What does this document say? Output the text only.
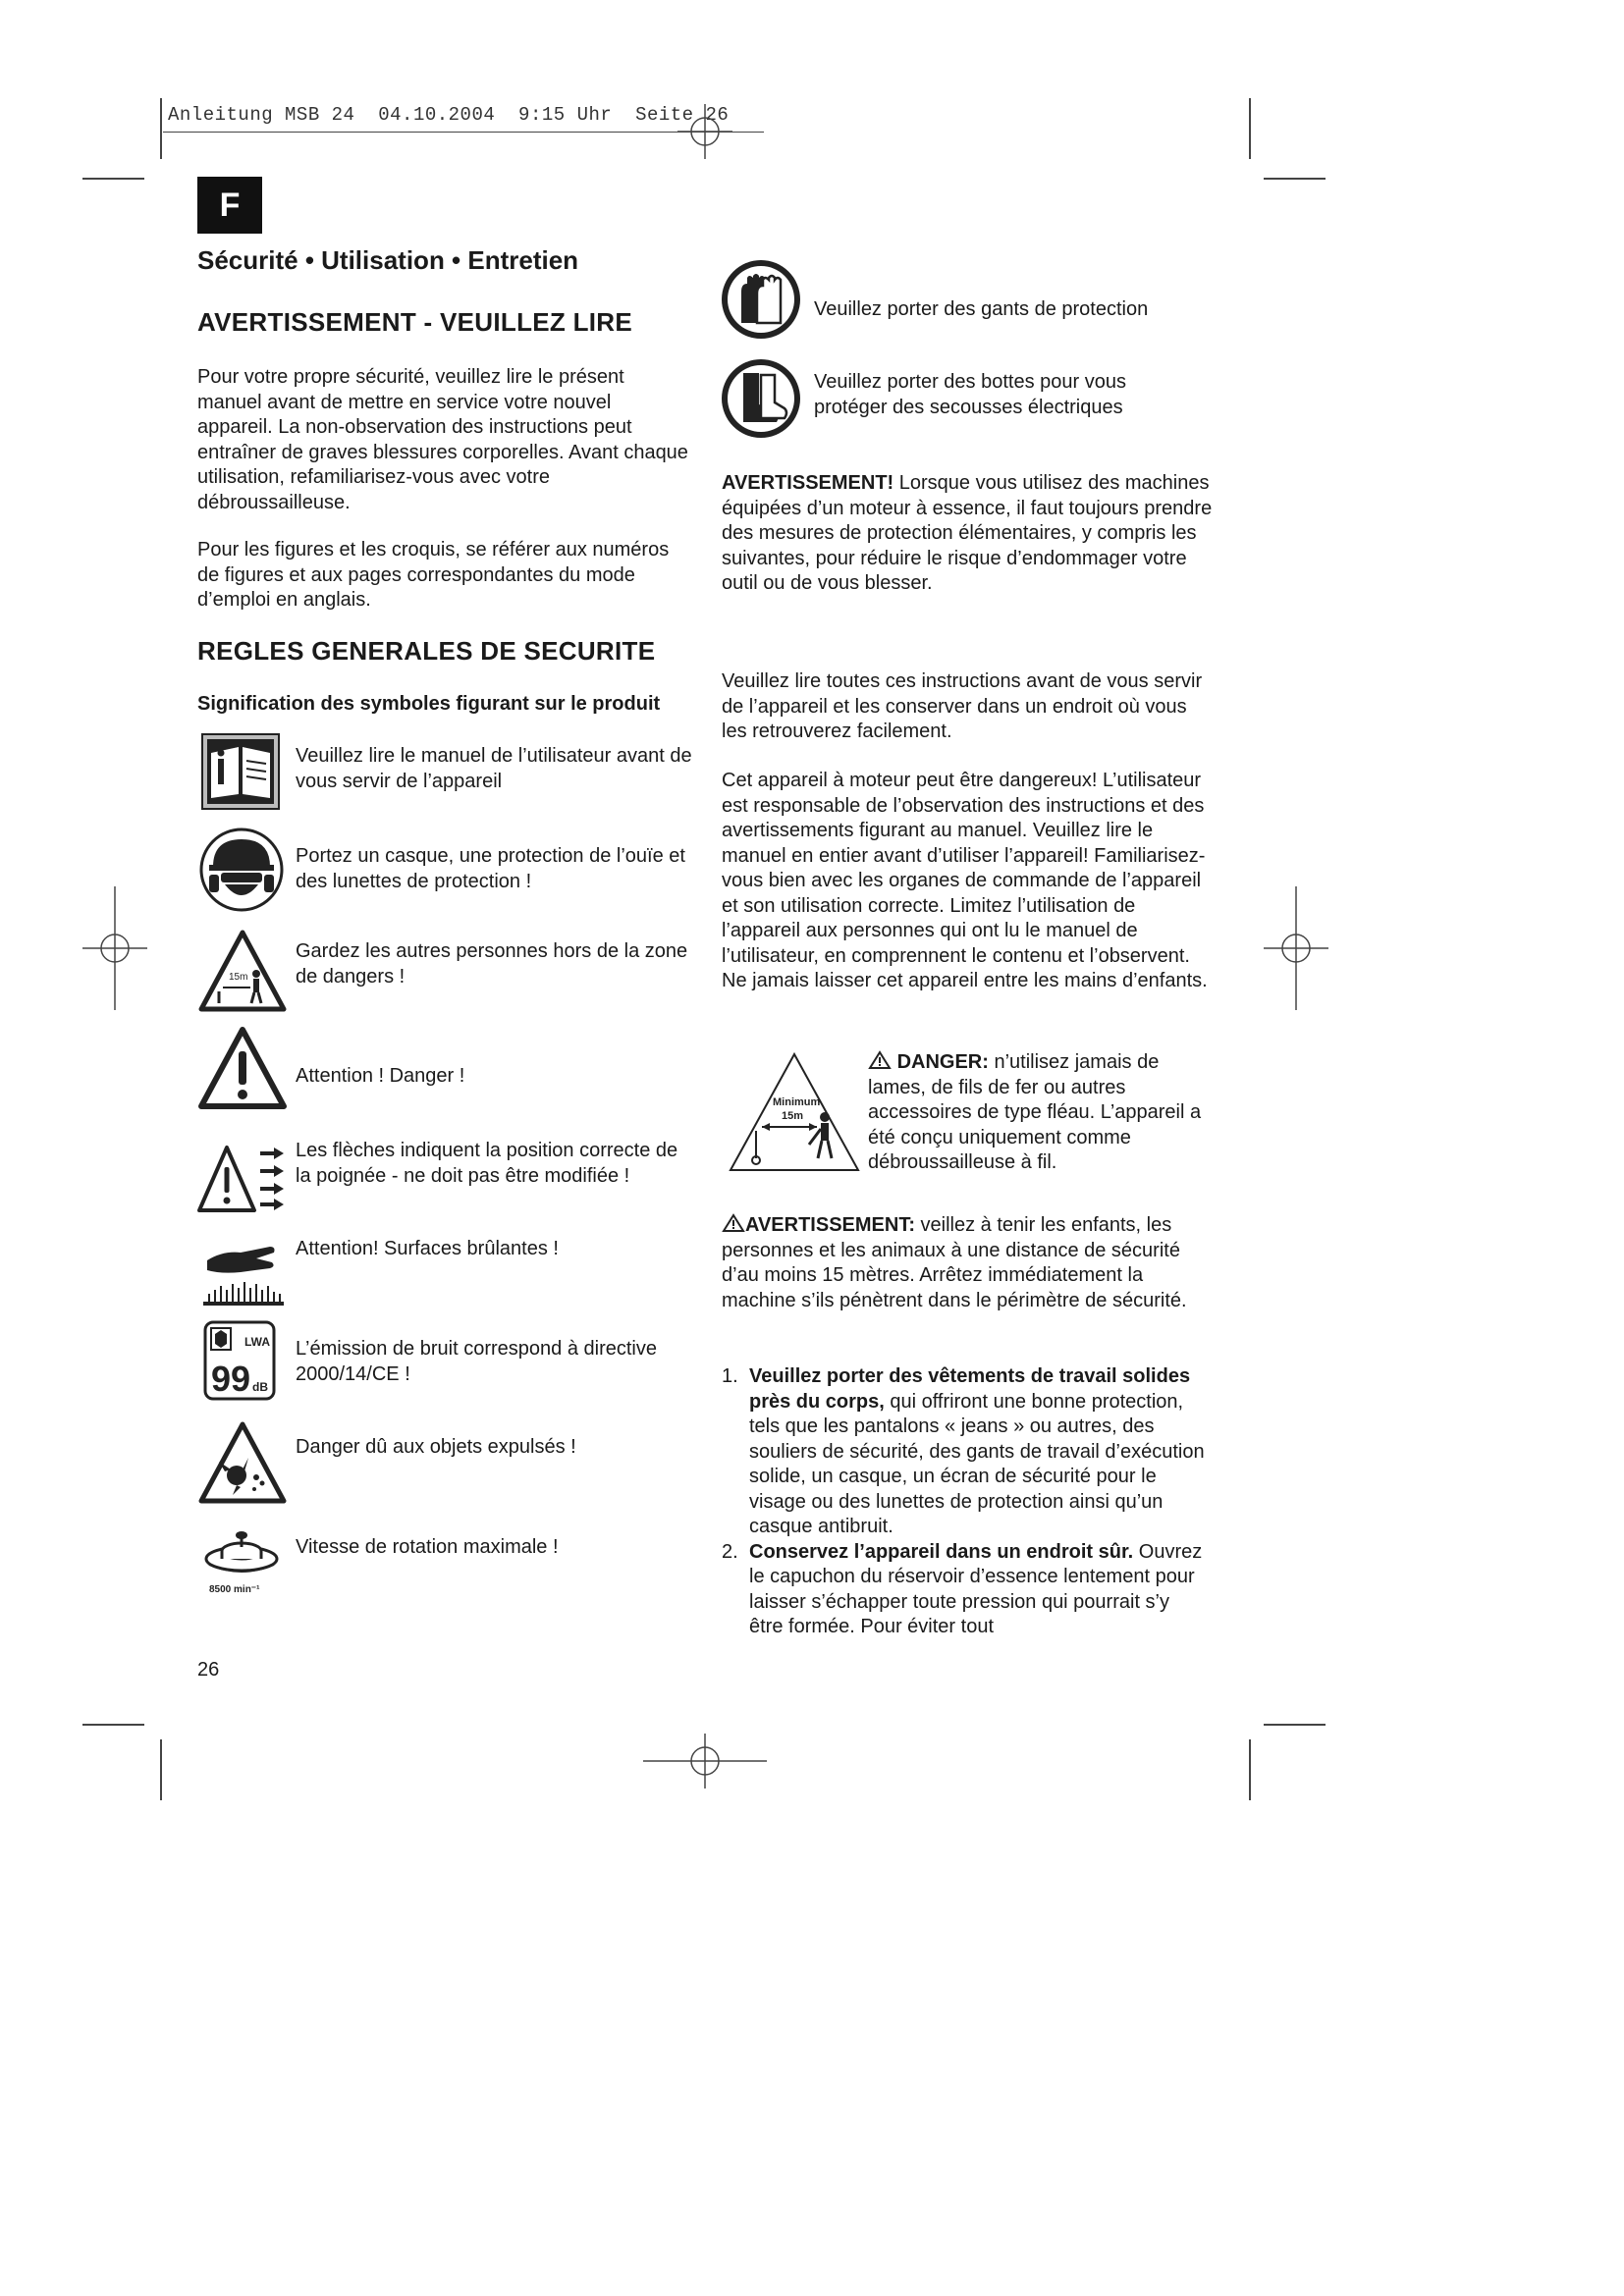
Anleitung MSB 24  04.10.2004  9:15 Uhr  Seite 26
F
Sécurité • Utilisation • Entretien
AVERTISSEMENT - VEUILLEZ LIRE
Pour votre propre sécurité, veuillez lire le présent manuel avant de mettre en service votre nouvel appareil. La non-observation des instructions peut entraîner de graves blessures corporelles. Avant chaque utilisation, refamiliarisez-vous avec votre débroussailleuse.
Pour les figures et les croquis, se référer aux numéros de figures et aux pages correspondantes du mode d’emploi en anglais.
REGLES GENERALES DE SECURITE
Signification des symboles figurant sur le produit
Veuillez lire le manuel de l’utilisateur avant de vous servir de l’appareil
Portez un casque, une protection de l’ouïe et des lunettes de protection !
15m
Gardez les autres personnes hors de la zone de dangers !
Attention ! Danger !
Les flèches indiquent la position correcte de la poignée - ne doit pas être modifiée !
Attention! Surfaces brûlantes !
LWA
99 dB
L’émission de bruit correspond à directive 2000/14/CE !
Danger dû aux objets expulsés !
8500 min⁻¹
Vitesse de rotation maximale !
26
Veuillez porter des gants de protection
Veuillez porter des bottes pour vous protéger des secousses électriques
AVERTISSEMENT! Lorsque vous utilisez des machines équipées d’un moteur à essence, il faut toujours prendre des mesures de protection élémentaires, y compris les suivantes, pour réduire le risque d’endommager votre outil ou de vous blesser.
Veuillez lire toutes ces instructions avant de vous servir de l’appareil et les conserver dans un endroit où vous les retrouverez facilement.
Cet appareil à moteur peut être dangereux! L’utilisateur est responsable de l’observation des instructions et des avertissements figurant au manuel. Veuillez lire le manuel en entier avant d’utiliser l’appareil! Familiarisez-vous bien avec les organes de commande de l’appareil et son utilisation correcte. Limitez l’utilisation de l’appareil aux personnes qui ont lu le manuel de l’utilisateur, en comprennent le contenu et l’observent. Ne jamais laisser cet appareil entre les mains d’enfants.
Minimum
15m
DANGER: n’utilisez jamais de lames, de fils de fer ou autres accessoires de type fléau. L’appareil a été conçu uniquement comme débroussailleuse à fil.
AVERTISSEMENT: veillez à tenir les enfants, les personnes et les animaux à une distance de sécurité d’au moins 15 mètres. Arrêtez immédiatement la machine s’ils pénètrent dans le périmètre de sécurité.
1. Veuillez porter des vêtements de travail solides près du corps, qui offriront une bonne protection, tels que les pantalons « jeans » ou autres, des souliers de sécurité, des gants de travail d’exécution solide, un casque, un écran de sécurité pour le visage ou des lunettes de protection ainsi qu’un casque antibruit.
2. Conservez l’appareil dans un endroit sûr. Ouvrez le capuchon du réservoir d’essence lentement pour laisser s’échapper toute pression qui pourrait s’y être formée. Pour éviter tout
